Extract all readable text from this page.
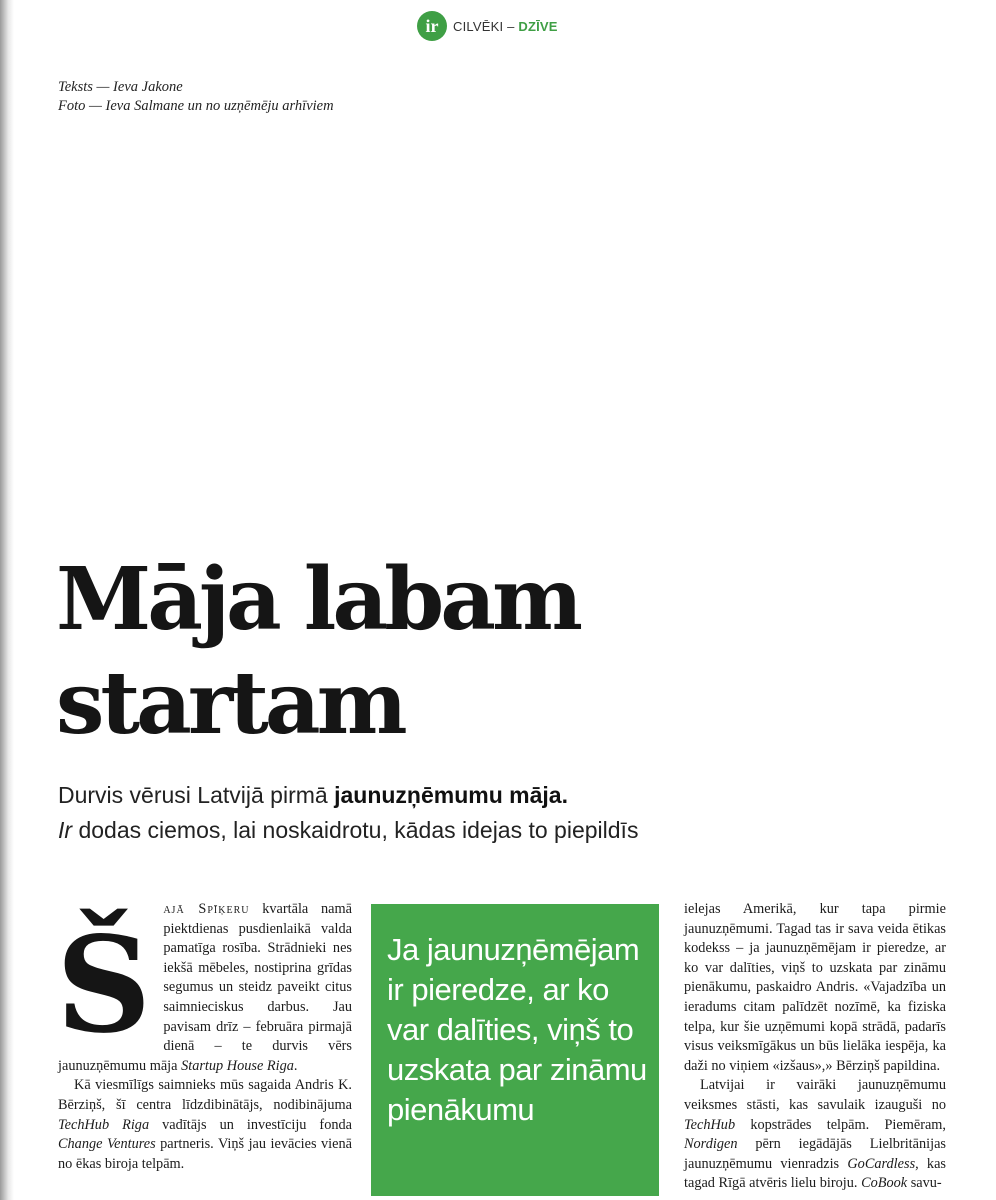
ir CILVĒKI – DZĪVE
Teksts — Ieva Jakone
Foto — Ieva Salmane un no uzņēmēju arhīviem
Māja labam startam

Durvis vērusi Latvijā pirmā jaunuzņēmumu māja.
Ir dodas ciemos, lai noskaidrotu, kādas idejas to piepildīs

Šajā Spīķeru kvartāla namā piektdienas pusdienlaikā valda pamatīga rosība. Strādnieki nes iekšā mēbeles, nostiprina grīdas segumus un steidz paveikt citus saimnieciskus darbus. Jau pavisam drīz – februāra pirmajā dienā – te durvis vērs jaunuzņēmumu māja Startup House Riga.

Kā viesmīlīgs saimnieks mūs sagaida Andris K. Bērziņš, šī centra līdzdibinātājs, nodibinājuma TechHub Riga vadītājs un investīciju fonda Change Ventures partneris. Viņš jau ievācies vienā no ēkas biroja telpām.

Ja jaunuzņēmējam ir pieredze, ar ko var dalīties, viņš to uzskata par zināmu pienākumu

ielejas Amerikā, kur tapa pirmie jaunuzņēmumi. Tagad tas ir sava veida ētikas kodekss – ja jaunuzņēmējam ir pieredze, ar ko var dalīties, viņš to uzskata par zināmu pienākumu, paskaidro Andris. «Vajadzība un ieradums citam palīdzēt nozīmē, ka fiziska telpa, kur šie uzņēmumi kopā strādā, padarīs visus veiksmīgākus un būs lielāka iespēja, ka daži no viņiem «izšaus»,» Bērziņš papildina.

Latvijai ir vairāki jaunuzņēmumu veiksmes stāsti, kas savulaik izauguši no TechHub kopstrādes telpām. Piemēram, Nordigen pērn iegādājās Lielbritānijas jaunuzņēmumu vienradzis GoCardless, kas tagad Rīgā atvēris lielu biroju. CoBook savu-
